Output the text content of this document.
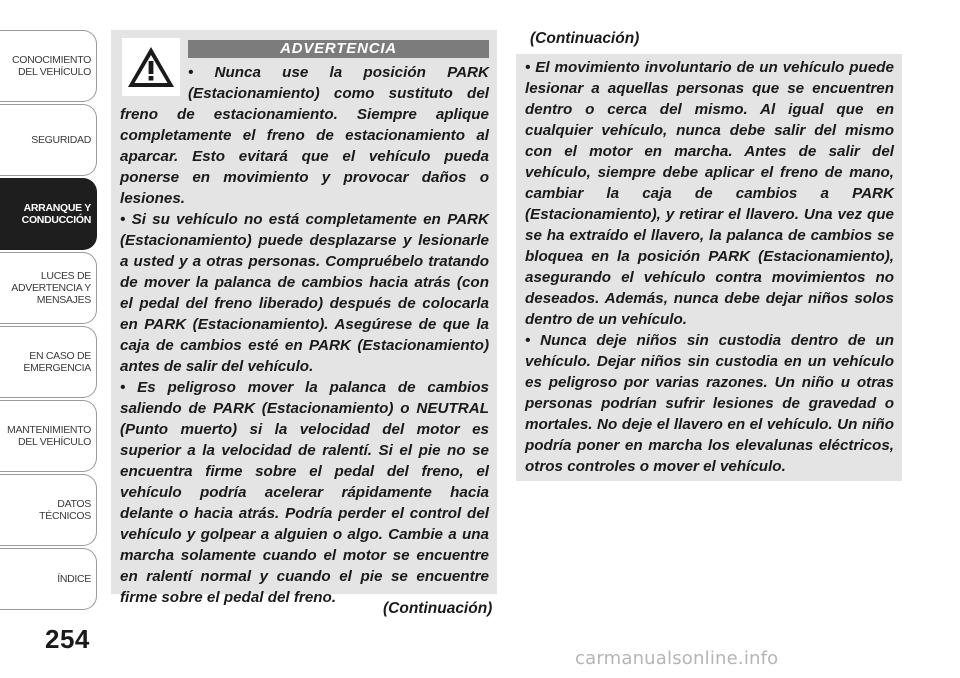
CONOCIMIENTO
DEL VEHÍCULO
SEGURIDAD
ARRANQUE Y
CONDUCCIÓN
LUCES DE
ADVERTENCIA Y
MENSAJES
EN CASO DE
EMERGENCIA
MANTENIMIENTO
DEL VEHÍCULO
DATOS
TÉCNICOS
ÍNDICE
254
ADVERTENCIA

• Nunca use la posición PARK (Estacionamiento) como sustituto del freno de estacionamiento. Siempre aplique completamente el freno de estacionamiento al aparcar. Esto evitará que el vehículo pueda ponerse en movimiento y provocar daños o lesiones.

• Si su vehículo no está completamente en PARK (Estacionamiento) puede desplazarse y lesionarle a usted y a otras personas. Compruébelo tratando de mover la palanca de cambios hacia atrás (con el pedal del freno liberado) después de colocarla en PARK (Estacionamiento). Asegúrese de que la caja de cambios esté en PARK (Estacionamiento) antes de salir del vehículo.

• Es peligroso mover la palanca de cambios saliendo de PARK (Estacionamiento) o NEUTRAL (Punto muerto) si la velocidad del motor es superior a la velocidad de ralentí. Si el pie no se encuentra firme sobre el pedal del freno, el vehículo podría acelerar rápidamente hacia delante o hacia atrás. Podría perder el control del vehículo y golpear a alguien o algo. Cambie a una marcha solamente cuando el motor se encuentre en ralentí normal y cuando el pie se encuentre firme sobre el pedal del freno.

(Continuación)
(Continuación)

• El movimiento involuntario de un vehículo puede lesionar a aquellas personas que se encuentren dentro o cerca del mismo. Al igual que en cualquier vehículo, nunca debe salir del mismo con el motor en marcha. Antes de salir del vehículo, siempre debe aplicar el freno de mano, cambiar la caja de cambios a PARK (Estacionamiento), y retirar el llavero. Una vez que se ha extraído el llavero, la palanca de cambios se bloquea en la posición PARK (Estacionamiento), asegurando el vehículo contra movimientos no deseados. Además, nunca debe dejar niños solos dentro de un vehículo.

• Nunca deje niños sin custodia dentro de un vehículo. Dejar niños sin custodia en un vehículo es peligroso por varias razones. Un niño u otras personas podrían sufrir lesiones de gravedad o mortales. No deje el llavero en el vehículo. Un niño podría poner en marcha los elevalunas eléctricos, otros controles o mover el vehículo.

carmanualsonline.info
